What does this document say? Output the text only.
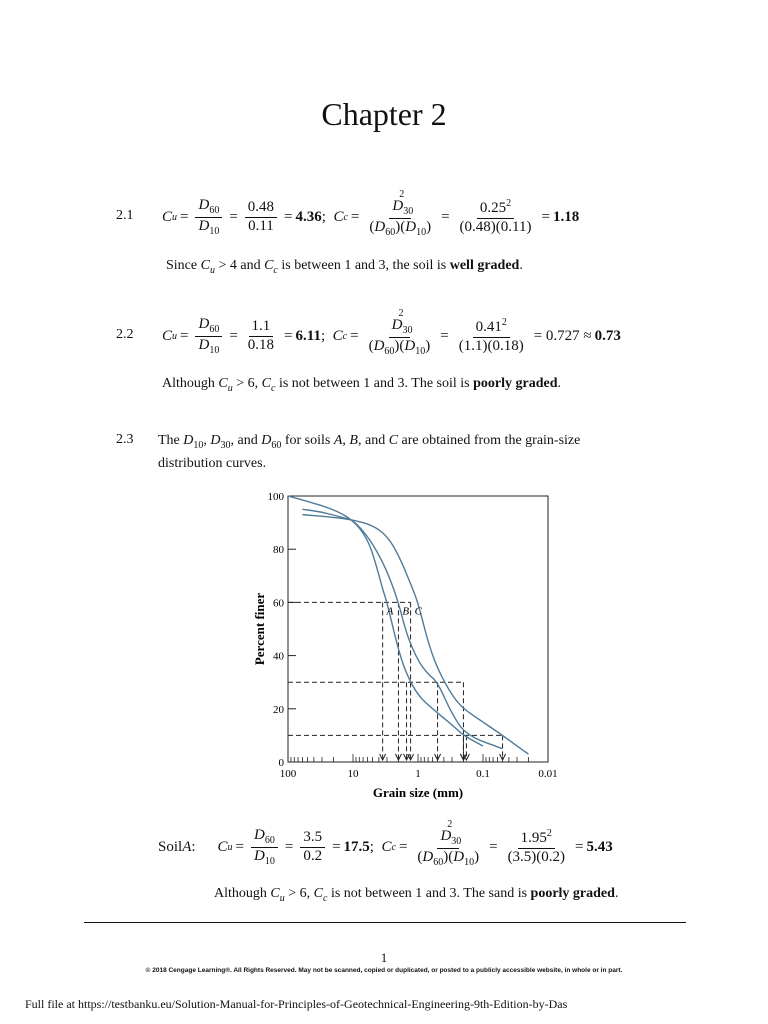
Chapter 2
2.1 C $u = \frac{D_{60}}{D_{10}} = \frac{0.48}{0.11} = 4.36$ ; C $c = \frac{D_{30}^2}{(D_{60})(D_{10})} = \frac{0.25^2}{(0.48)(0.11)} = 1.18$
Since $C_u > 4$ and $C_c$ is between 1 and 3, the soil is well graded.
2.2 C $u = \frac{D_{60}}{D_{10}} = \frac{1.1}{0.18} = 6.11$ ; C $c = \frac{D_{30}^2}{(D_{60})(D_{10})} = \frac{0.41^2}{(1.1)(0.18)} = 0.727 \approx 0.73$
Although $C_u > 6$, $C_c$ is not between 1 and 3. The soil is poorly graded.
2.3 The $D_{10}$, $D_{30}$, and $D_{60}$ for soils A, B, and C are obtained from the grain-size
distribution curves.
0
20
40
60
80
100
100	10	1	0.1	0.01
A B C
Grain size (mm)
Percent finer
Soil A : C $u = \frac{D_{60}}{D_{10}} = \frac{3.5}{0.2} = 17.5$ ; C $c = \frac{D_{30}^2}{(D_{60})(D_{10})} = \frac{1.95^2}{(3.5)(0.2)} = 5.43$
Although $C_u > 6$, $C_c$ is not between 1 and 3. The sand is poorly graded.
1
© 2018 Cengage Learning®. All Rights Reserved. May not be scanned, copied or duplicated, or posted to a publicly accessible website, in whole or in part.
Full file at https://testbanku.eu/Solution-Manual-for-Principles-of-Geotechnical-Engineering-9th-Edition-by-Das
